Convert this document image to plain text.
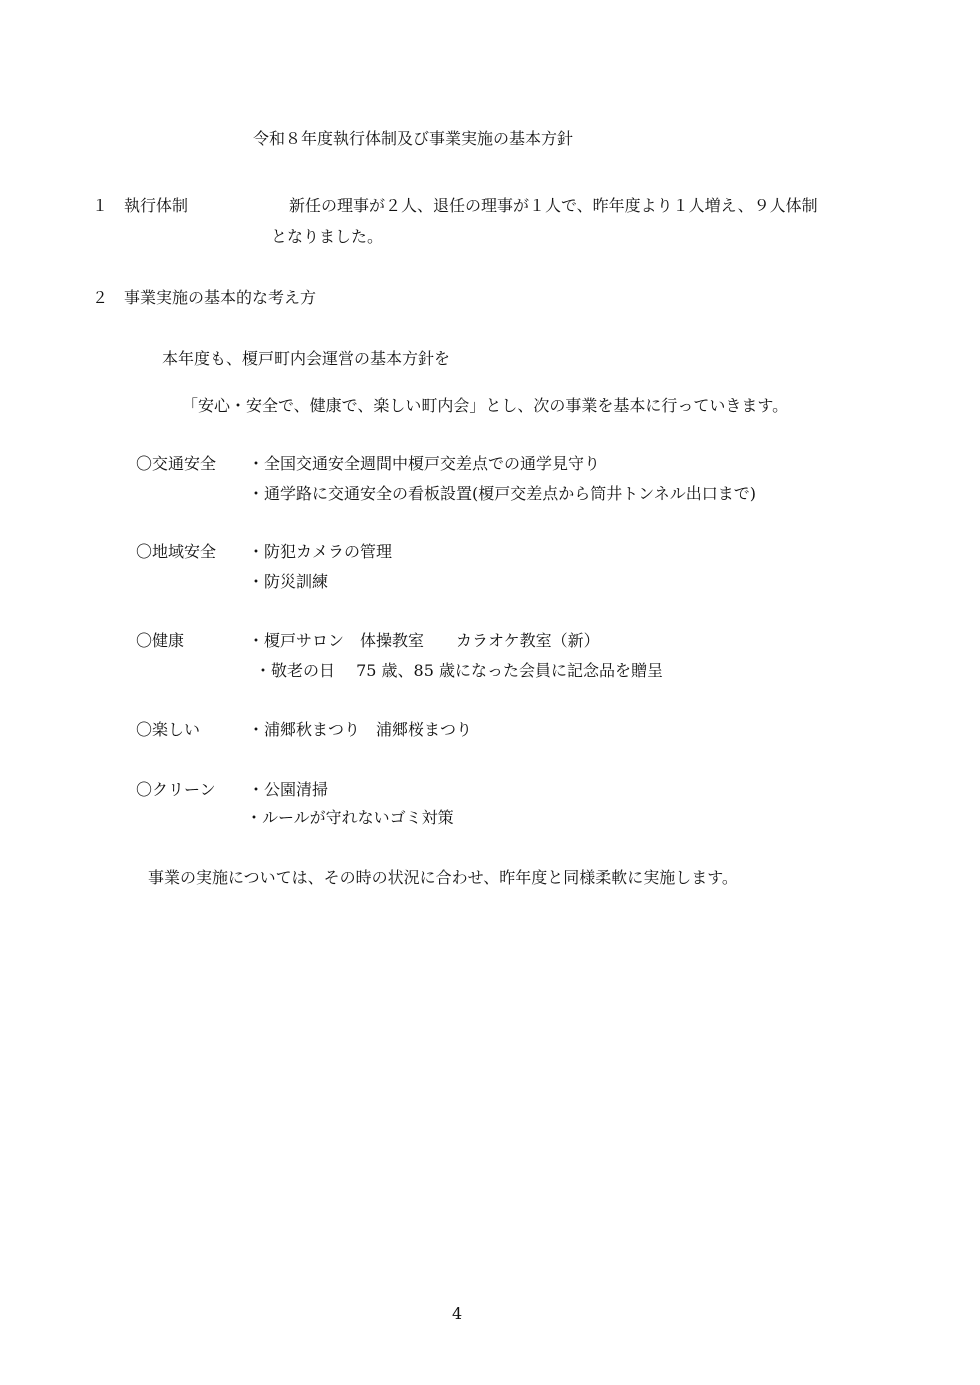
令和８年度執行体制及び事業実施の基本方針
１ 執行体制	新任の理事が２人、退任の理事が１人で、昨年度より１人増え、９人体制
となりました。
２ 事業実施の基本的な考え方
本年度も、榎戸町内会運営の基本方針を
「安心・安全で、健康で、楽しい町内会」とし、次の事業を基本に行っていきます。
〇交通安全 ・全国交通安全週間中榎戸交差点での通学見守り
・通学路に交通安全の看板設置(榎戸交差点から筒井トンネル出口まで)
〇地域安全 ・防犯カメラの管理
・防災訓練
〇健康	・榎戸サロン　体操教室　　カラオケ教室（新）
・敬老の日　 75 歳、85 歳になった会員に記念品を贈呈
〇楽しい	・浦郷秋まつり　浦郷桜まつり
〇クリーン ・公園清掃
・ルールが守れないゴミ対策
事業の実施については、その時の状況に合わせ、昨年度と同様柔軟に実施します。
4
